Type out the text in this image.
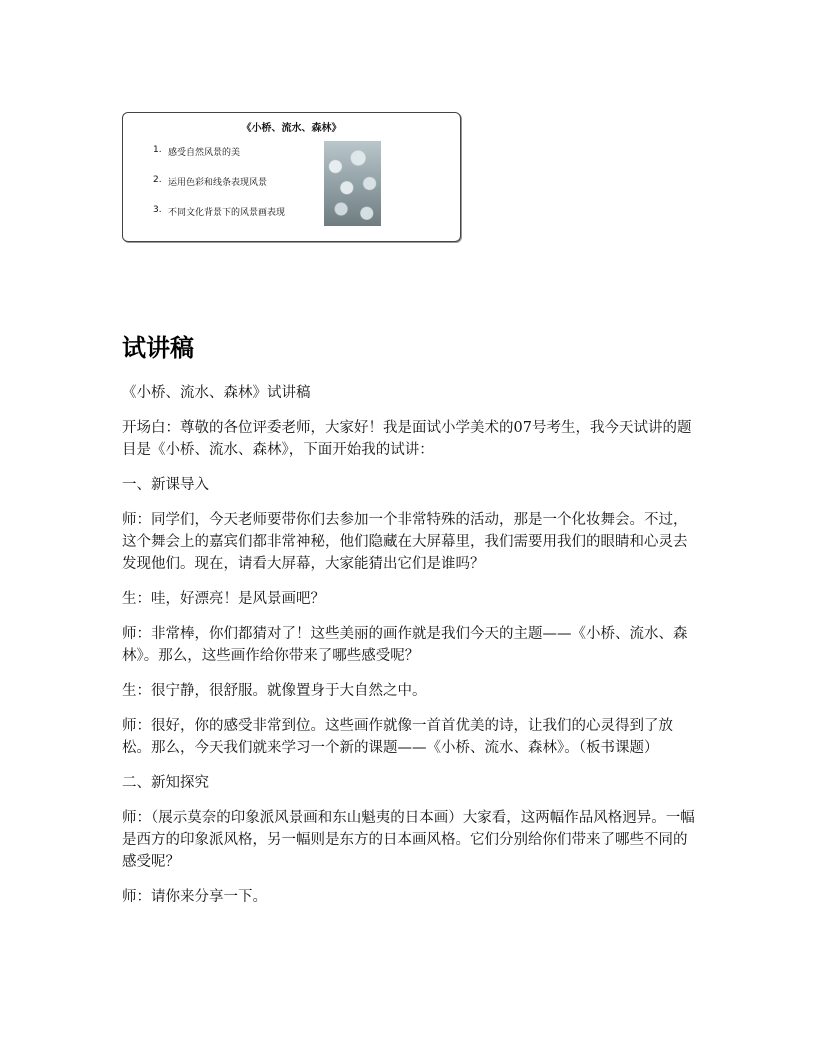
《小桥、流水、森林》
1. 感受自然风景的美
2. 运用色彩和线条表现风景
3. 不同文化背景下的风景画表现
试讲稿

《小桥、流水、森林》试讲稿

开场白：尊敬的各位评委老师，大家好！我是面试小学美术的07号考生，我今天试讲的题目是《小桥、流水、森林》，下面开始我的试讲：

一、新课导入

师：同学们，今天老师要带你们去参加一个非常特殊的活动，那是一个化妆舞会。不过，这个舞会上的嘉宾们都非常神秘，他们隐藏在大屏幕里，我们需要用我们的眼睛和心灵去发现他们。现在，请看大屏幕，大家能猜出它们是谁吗？

生：哇，好漂亮！是风景画吧？

师：非常棒，你们都猜对了！这些美丽的画作就是我们今天的主题——《小桥、流水、森林》。那么，这些画作给你带来了哪些感受呢？

生：很宁静，很舒服。就像置身于大自然之中。

师：很好，你的感受非常到位。这些画作就像一首首优美的诗，让我们的心灵得到了放松。那么，今天我们就来学习一个新的课题——《小桥、流水、森林》。（板书课题）

二、新知探究

师：（展示莫奈的印象派风景画和东山魁夷的日本画）大家看，这两幅作品风格迥异。一幅是西方的印象派风格，另一幅则是东方的日本画风格。它们分别给你们带来了哪些不同的感受呢？

师：请你来分享一下。
